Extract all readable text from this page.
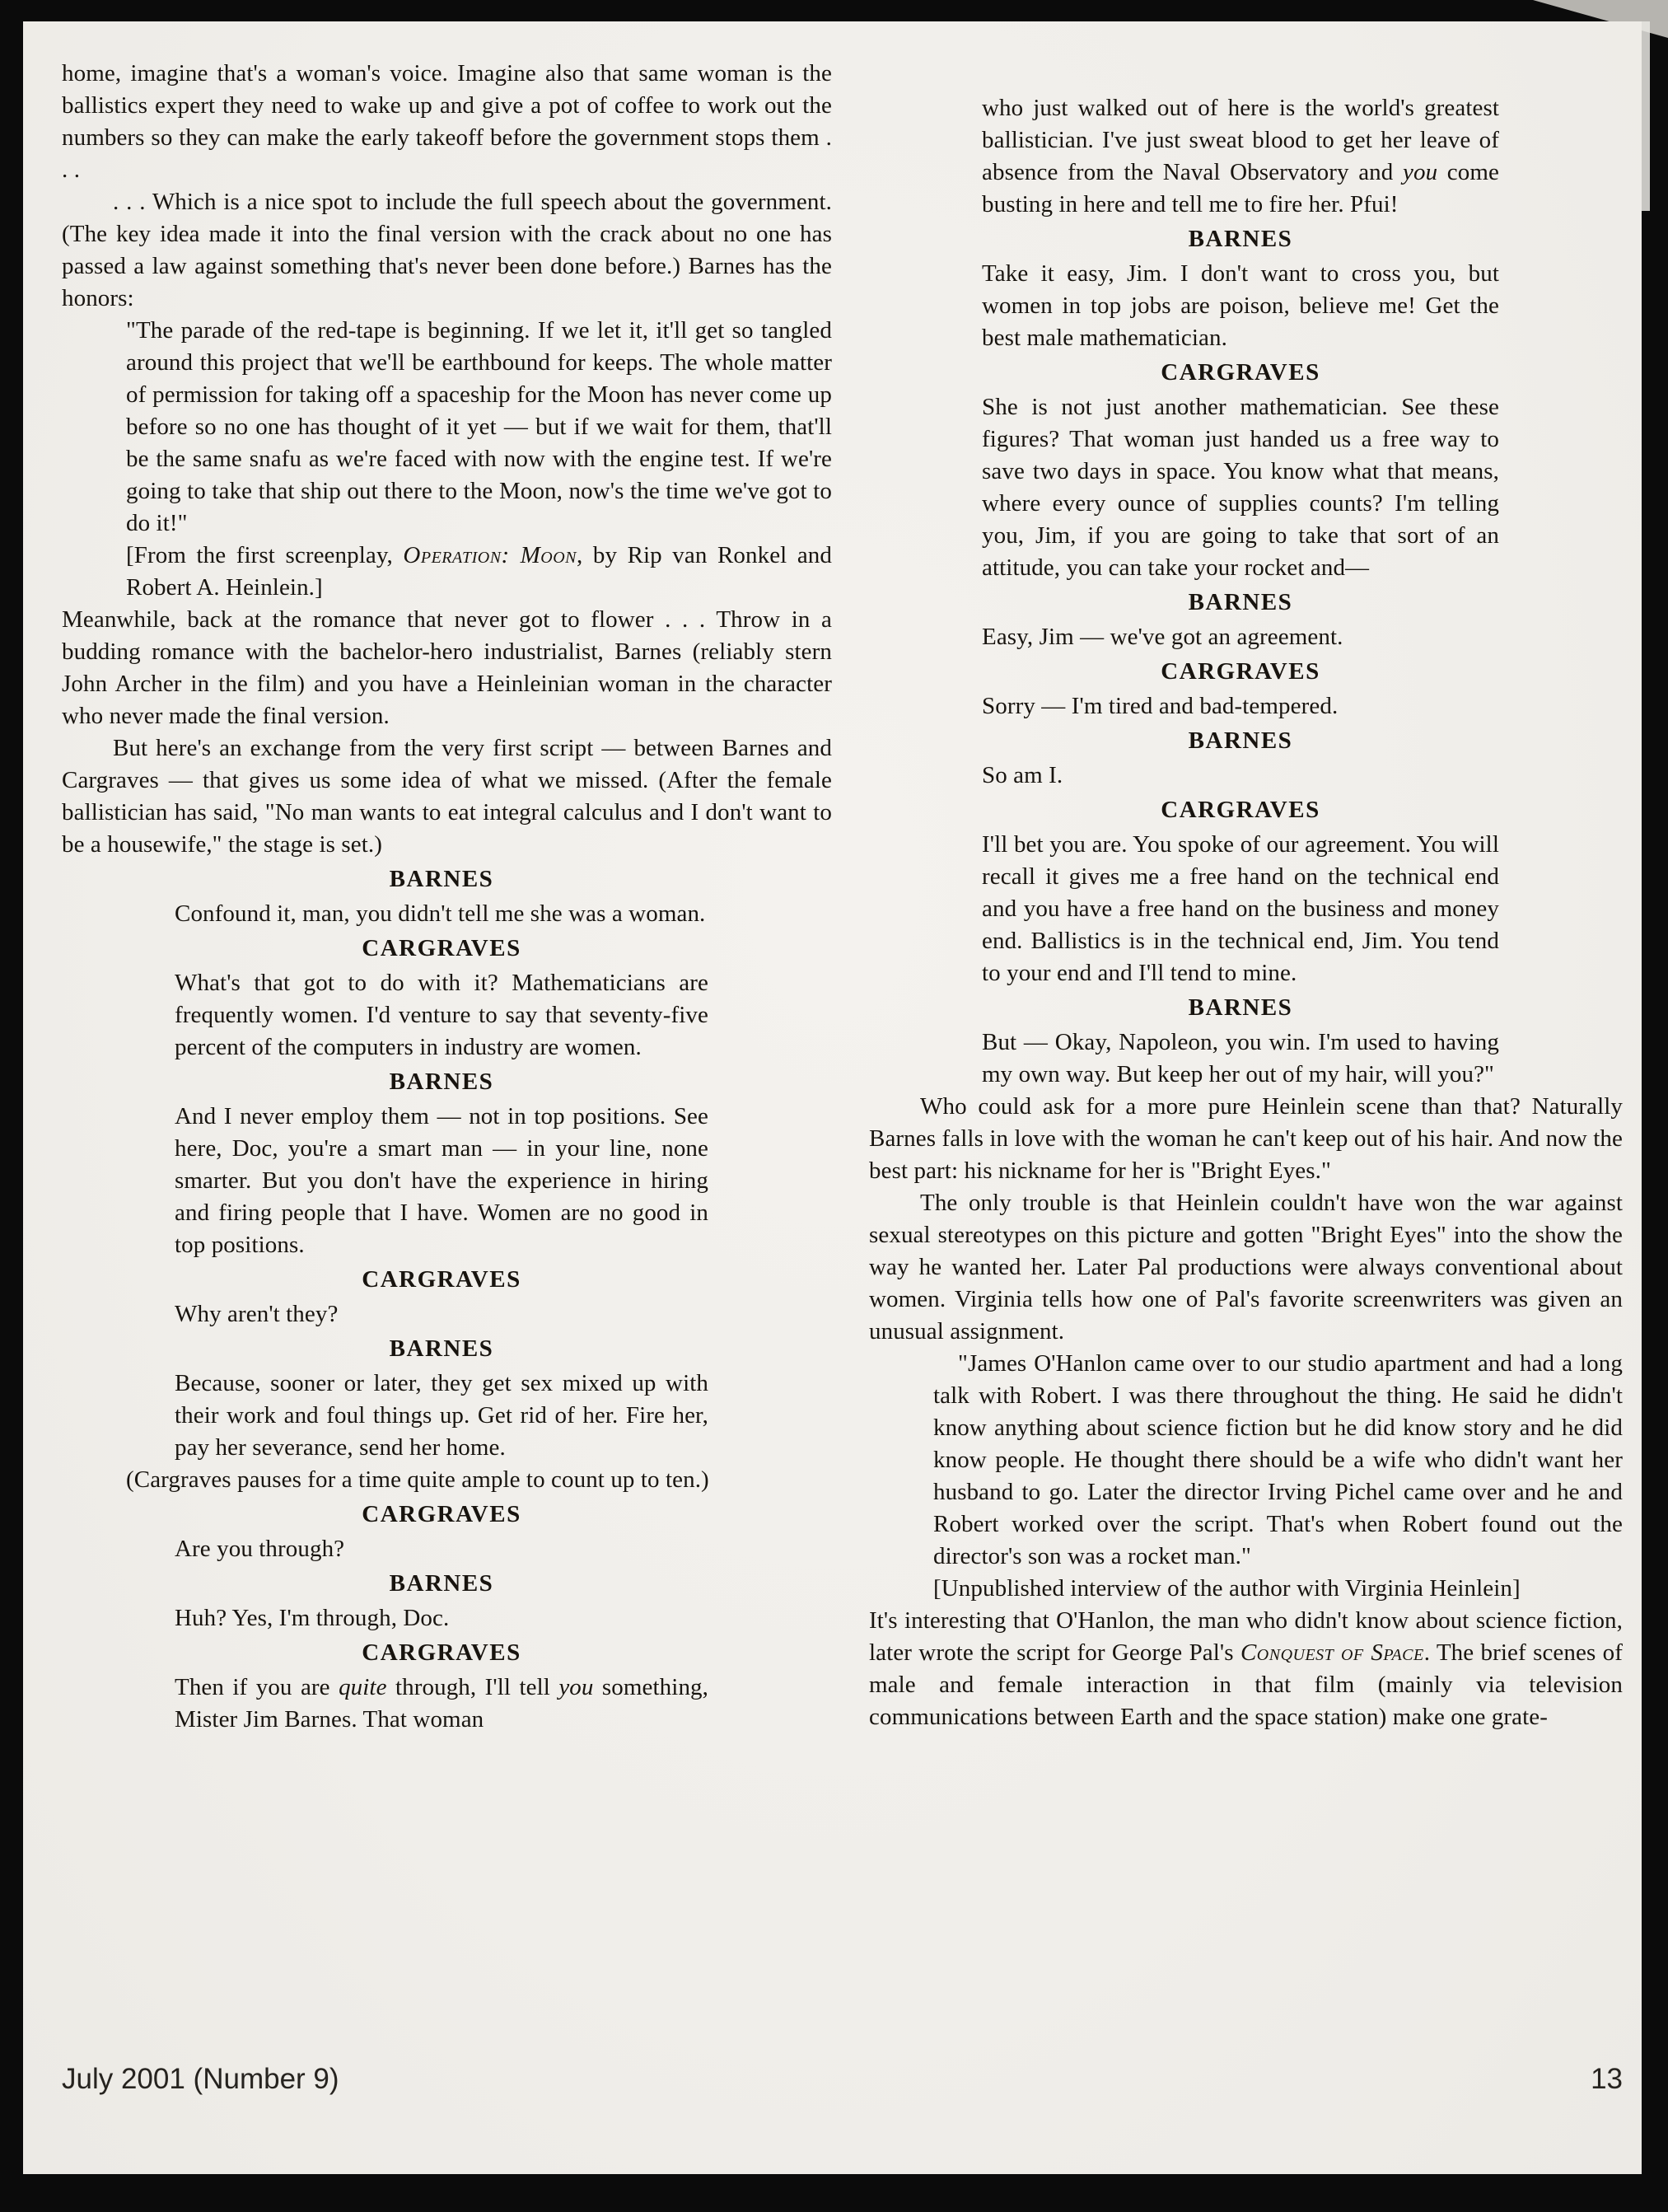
home, imagine that's a woman's voice. Imagine also that same woman is the ballistics expert they need to wake up and give a pot of coffee to work out the numbers so they can make the early takeoff before the government stops them . . .

. . . Which is a nice spot to include the full speech about the government. (The key idea made it into the final version with the crack about no one has passed a law against something that's never been done before.) Barnes has the honors:

"The parade of the red-tape is beginning. If we let it, it'll get so tangled around this project that we'll be earthbound for keeps. The whole matter of permission for taking off a spaceship for the Moon has never come up before so no one has thought of it yet — but if we wait for them, that'll be the same snafu as we're faced with now with the engine test. If we're going to take that ship out there to the Moon, now's the time we've got to do it!"

[From the first screenplay, Operation: Moon, by Rip van Ronkel and Robert A. Heinlein.]

Meanwhile, back at the romance that never got to flower . . . Throw in a budding romance with the bachelor-hero industrialist, Barnes (reliably stern John Archer in the film) and you have a Heinleinian woman in the character who never made the final version.

But here's an exchange from the very first script — between Barnes and Cargraves — that gives us some idea of what we missed. (After the female ballistician has said, "No man wants to eat integral calculus and I don't want to be a housewife," the stage is set.)

BARNES

Confound it, man, you didn't tell me she was a woman.

CARGRAVES

What's that got to do with it? Mathematicians are frequently women. I'd venture to say that seventy-five percent of the computers in industry are women.

BARNES

And I never employ them — not in top positions. See here, Doc, you're a smart man — in your line, none smarter. But you don't have the experience in hiring and firing people that I have. Women are no good in top positions.

CARGRAVES

Why aren't they?

BARNES

Because, sooner or later, they get sex mixed up with their work and foul things up. Get rid of her. Fire her, pay her severance, send her home.

(Cargraves pauses for a time quite ample to count up to ten.)

CARGRAVES

Are you through?

BARNES

Huh? Yes, I'm through, Doc.

CARGRAVES

Then if you are quite through, I'll tell you something, Mister Jim Barnes. That woman

who just walked out of here is the world's greatest ballistician. I've just sweat blood to get her leave of absence from the Naval Observatory and you come busting in here and tell me to fire her. Pfui!

BARNES

Take it easy, Jim. I don't want to cross you, but women in top jobs are poison, believe me! Get the best male mathematician.

CARGRAVES

She is not just another mathematician. See these figures? That woman just handed us a free way to save two days in space. You know what that means, where every ounce of supplies counts? I'm telling you, Jim, if you are going to take that sort of an attitude, you can take your rocket and—

BARNES

Easy, Jim — we've got an agreement.

CARGRAVES

Sorry — I'm tired and bad-tempered.

BARNES

So am I.

CARGRAVES

I'll bet you are. You spoke of our agreement. You will recall it gives me a free hand on the technical end and you have a free hand on the business and money end. Ballistics is in the technical end, Jim. You tend to your end and I'll tend to mine.

BARNES

But — Okay, Napoleon, you win. I'm used to having my own way. But keep her out of my hair, will you?"

Who could ask for a more pure Heinlein scene than that? Naturally Barnes falls in love with the woman he can't keep out of his hair. And now the best part: his nickname for her is "Bright Eyes."

The only trouble is that Heinlein couldn't have won the war against sexual stereotypes on this picture and gotten "Bright Eyes" into the show the way he wanted her. Later Pal productions were always conventional about women. Virginia tells how one of Pal's favorite screenwriters was given an unusual assignment.

"James O'Hanlon came over to our studio apartment and had a long talk with Robert. I was there throughout the thing. He said he didn't know anything about science fiction but he did know story and he did know people. He thought there should be a wife who didn't want her husband to go. Later the director Irving Pichel came over and he and Robert worked over the script. That's when Robert found out the director's son was a rocket man."

[Unpublished interview of the author with Virginia Heinlein]

It's interesting that O'Hanlon, the man who didn't know about science fiction, later wrote the script for George Pal's Conquest of Space. The brief scenes of male and female interaction in that film (mainly via television communications between Earth and the space station) make one grate-

July 2001 (Number 9)	13
